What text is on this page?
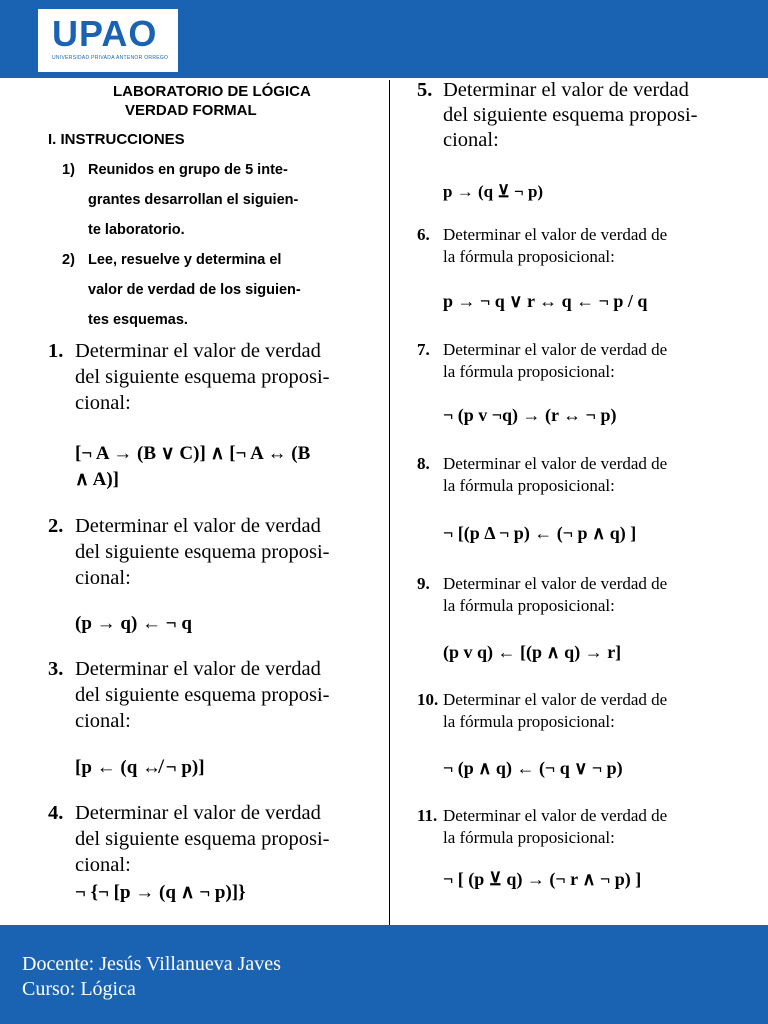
UPAO
UNIVERSIDAD PRIVADA ANTENOR ORREGO
LABORATORIO DE LÓGICA
VERDAD FORMAL
I. INSTRUCCIONES
1) Reunidos en grupo de 5 inte-
grantes desarrollan el siguien-
te laboratorio.
2) Lee, resuelve y determina el
valor de verdad de los siguien-
tes esquemas.
1. Determinar el valor de verdad
del siguiente esquema proposi-
cional:
[¬ A → (B ∨ C)] ∧ [¬ A ↔ (B
∧ A)]
2. Determinar el valor de verdad
del siguiente esquema proposi-
cional:
(p → q) ← ¬ q
3. Determinar el valor de verdad
del siguiente esquema proposi-
cional:
[p ← (q ↮ ¬ p)]
4. Determinar el valor de verdad
del siguiente esquema proposi-
cional:
¬ {¬ [p → (q ∧ ¬ p)]}
5. Determinar el valor de verdad
del siguiente esquema proposi-
cional:
p → (q ⊻ ¬ p)
6. Determinar el valor de verdad de
la fórmula proposicional:
p → ¬ q ∨ r ↔ q ← ¬ p / q
7. Determinar el valor de verdad de
la fórmula proposicional:
¬ (p v ¬q) → (r ↔ ¬ p)
8. Determinar el valor de verdad de
la fórmula proposicional:
¬ [(p Δ ¬ p) ← (¬ p ∧ q) ]
9. Determinar el valor de verdad de
la fórmula proposicional:
(p v q) ← [(p ∧ q) → r]
10. Determinar el valor de verdad de
la fórmula proposicional:
¬ (p ∧ q) ← (¬ q ∨ ¬ p)
11. Determinar el valor de verdad de
la fórmula proposicional:
¬ [ (p ⊻ q) → (¬ r ∧ ¬ p) ]
Docente: Jesús Villanueva Javes
Curso: Lógica
